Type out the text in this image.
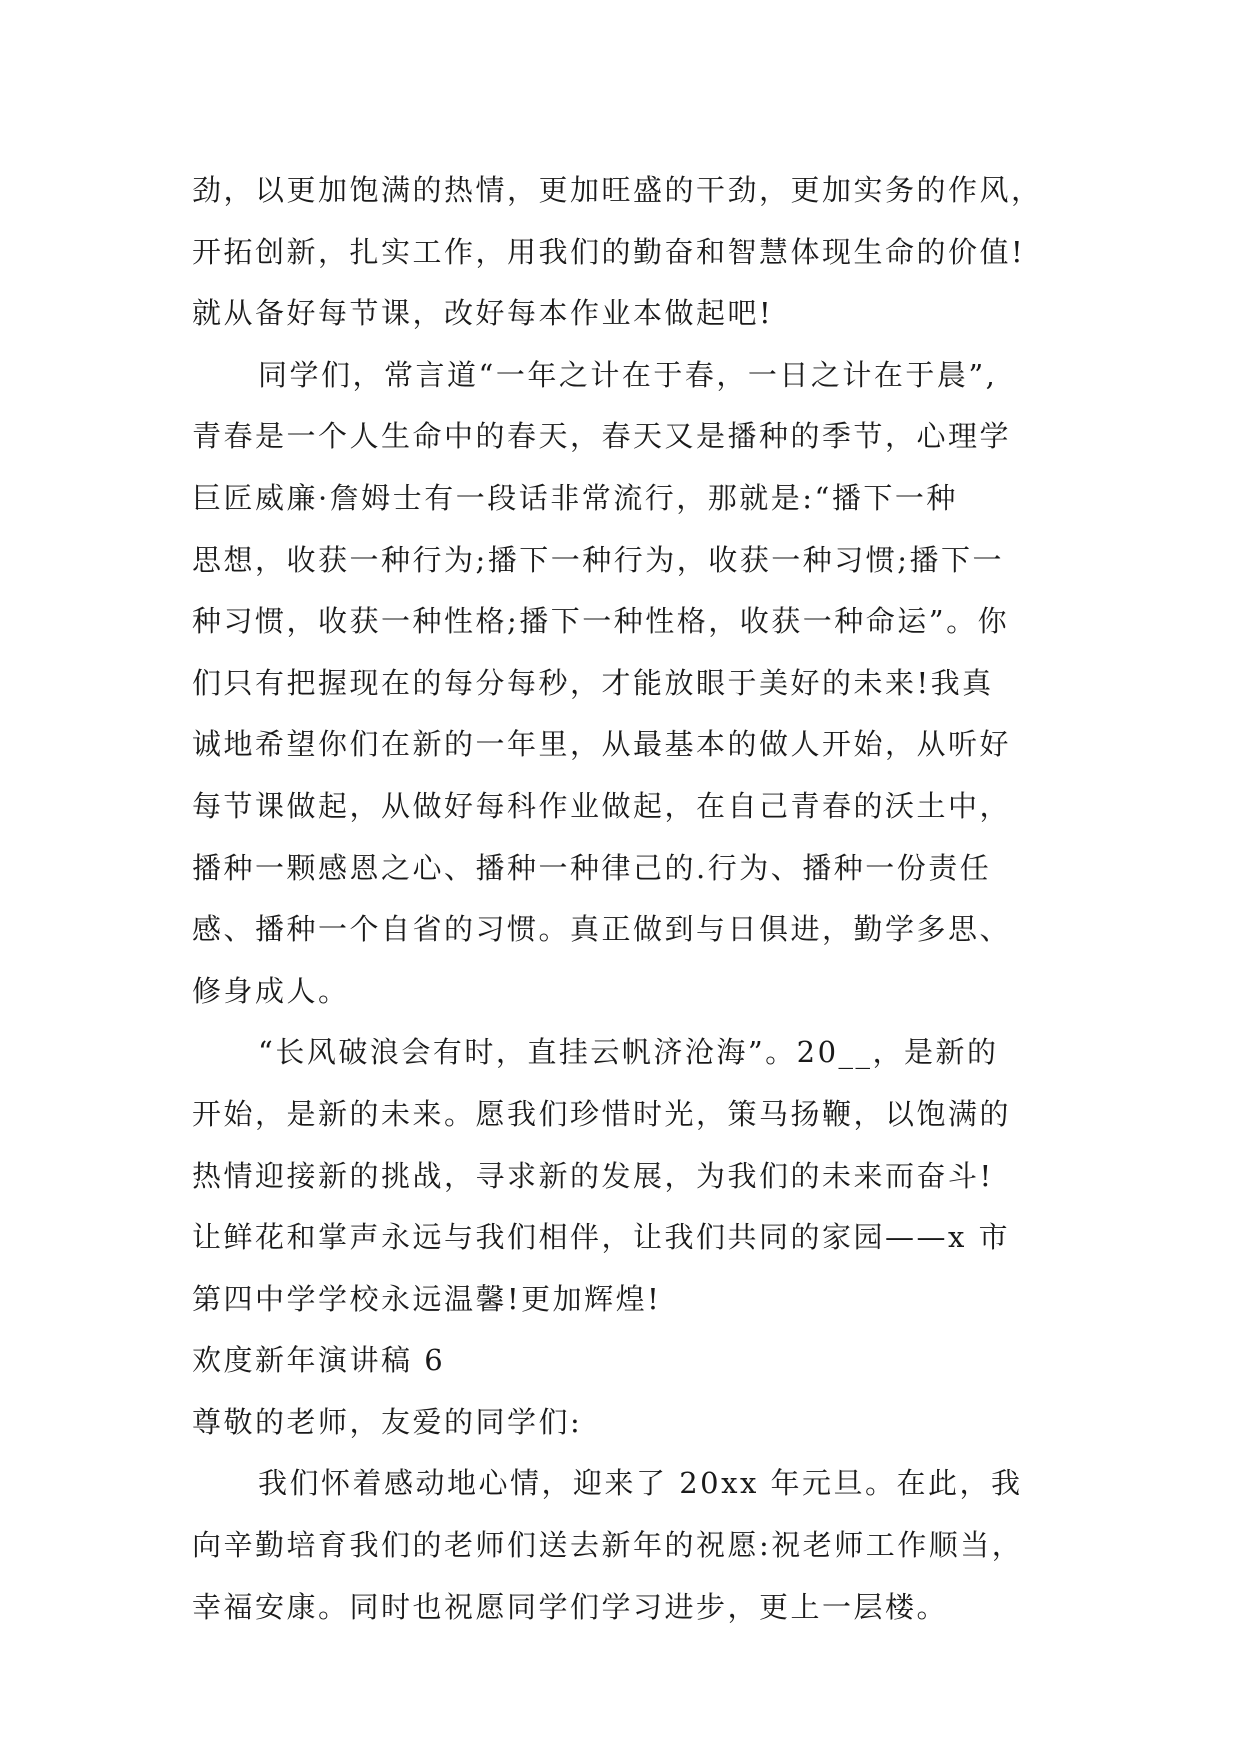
劲，以更加饱满的热情，更加旺盛的干劲，更加实务的作风，
开拓创新，扎实工作，用我们的勤奋和智慧体现生命的价值!
就从备好每节课，改好每本作业本做起吧!
同学们，常言道“一年之计在于春，一日之计在于晨”,
青春是一个人生命中的春天，春天又是播种的季节，心理学
巨匠威廉·詹姆士有一段话非常流行，那就是:“播下一种
思想，收获一种行为;播下一种行为，收获一种习惯;播下一
种习惯，收获一种性格;播下一种性格，收获一种命运”。你
们只有把握现在的每分每秒，才能放眼于美好的未来!我真
诚地希望你们在新的一年里，从最基本的做人开始，从听好
每节课做起，从做好每科作业做起，在自己青春的沃土中，
播种一颗感恩之心、播种一种律己的.行为、播种一份责任
感、播种一个自省的习惯。真正做到与日俱进，勤学多思、
修身成人。
“长风破浪会有时，直挂云帆济沧海”。20__，是新的
开始，是新的未来。愿我们珍惜时光，策马扬鞭，以饱满的
热情迎接新的挑战，寻求新的发展，为我们的未来而奋斗!
让鲜花和掌声永远与我们相伴，让我们共同的家园——x 市
第四中学学校永远温馨!更加辉煌!
欢度新年演讲稿 6
尊敬的老师，友爱的同学们:
我们怀着感动地心情，迎来了 20xx 年元旦。在此，我
向辛勤培育我们的老师们送去新年的祝愿:祝老师工作顺当，
幸福安康。同时也祝愿同学们学习进步，更上一层楼。
